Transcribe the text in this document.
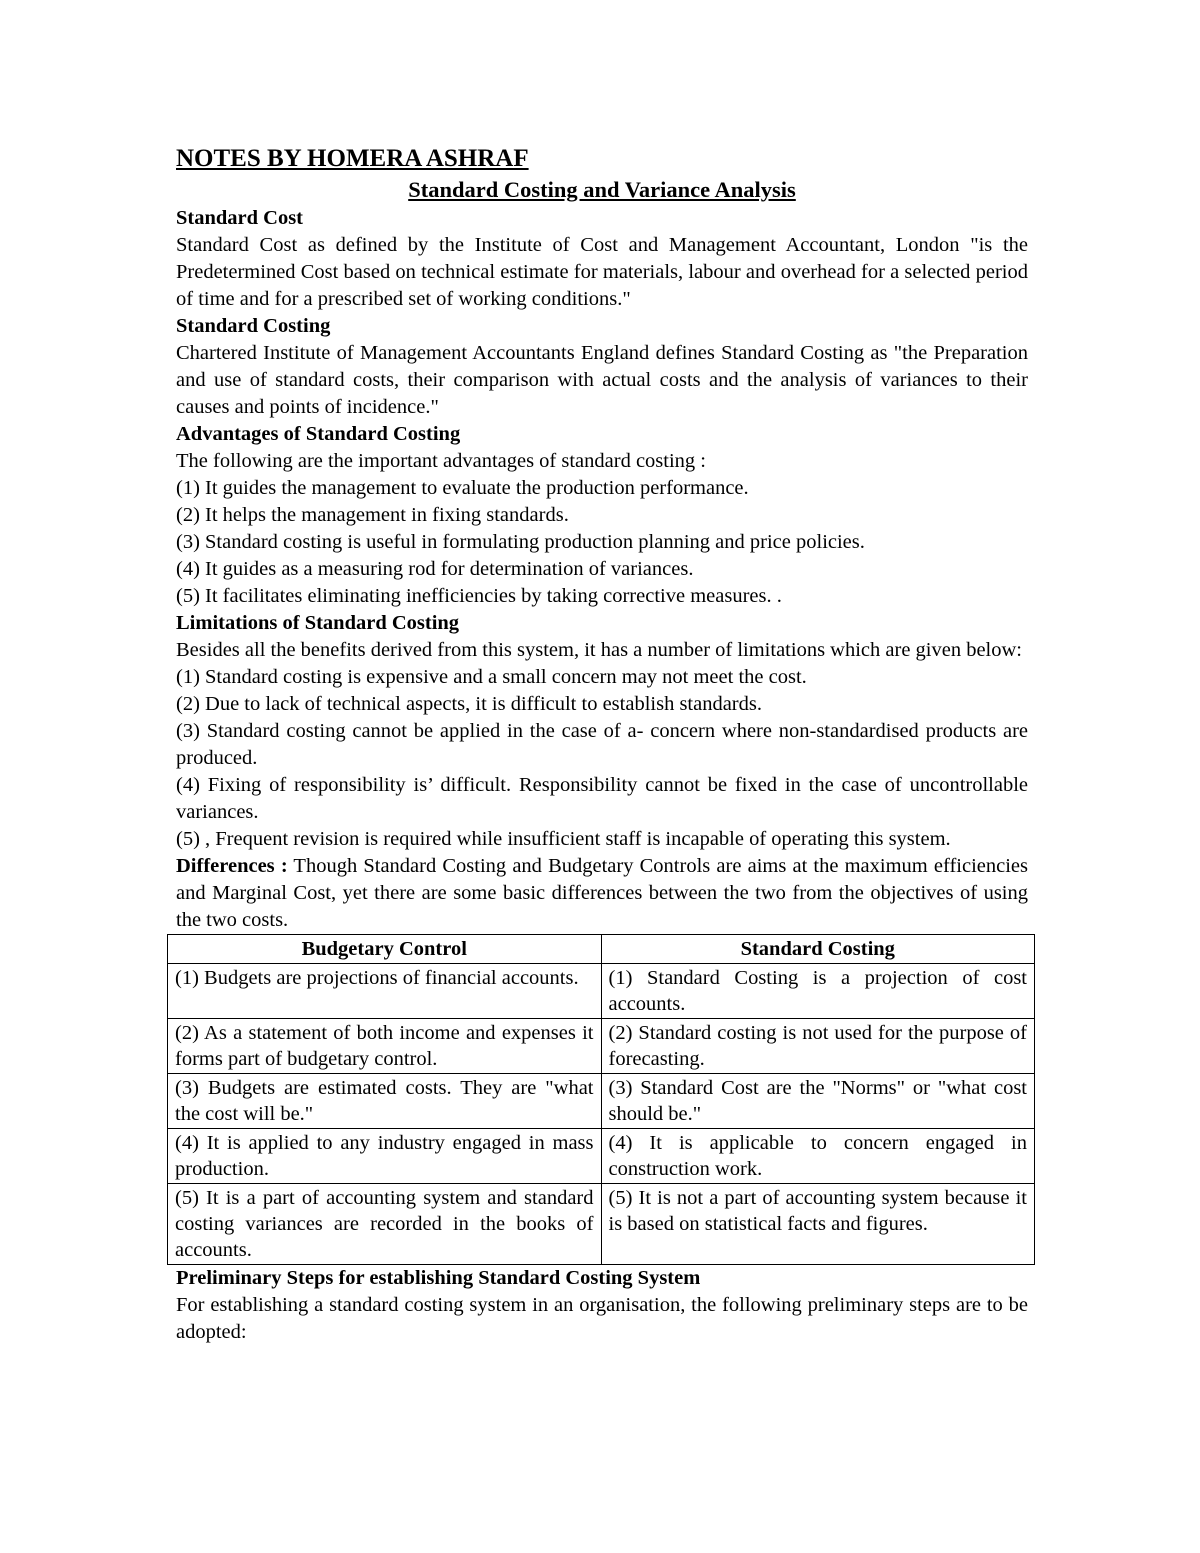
NOTES BY HOMERA ASHRAF
Standard Costing and Variance Analysis
Standard Cost

Standard Cost as defined by the Institute of Cost and Management Accountant, London "is the Predetermined Cost based on technical estimate for materials, labour and overhead for a selected period of time and for a prescribed set of working conditions."

Standard Costing

Chartered Institute of Management Accountants England defines Standard Costing as "the Preparation and use of standard costs, their comparison with actual costs and the analysis of variances to their causes and points of incidence."

Advantages of Standard Costing

The following are the important advantages of standard costing :

(1) It guides the management to evaluate the production performance.
(2) It helps the management in fixing standards.
(3) Standard costing is useful in formulating production planning and price policies.
(4) It guides as a measuring rod for determination of variances.
(5) It facilitates eliminating inefficiencies by taking corrective measures. .
Limitations of Standard Costing

Besides all the benefits derived from this system, it has a number of limitations which are given below:

(1) Standard costing is expensive and a small concern may not meet the cost.
(2) Due to lack of technical aspects, it is difficult to establish standards.
(3) Standard costing cannot be applied in the case of a- concern where non-standardised products are produced.
(4) Fixing of responsibility is’ difficult. Responsibility cannot be fixed in the case of uncontrollable variances.
(5) , Frequent revision is required while insufficient staff is incapable of operating this system.

Differences : Though Standard Costing and Budgetary Controls are aims at the maximum efficiencies and Marginal Cost, yet there are some basic differences between the two from the objectives of using the two costs.

Budgetary Control	Standard Costing
(1) Budgets are projections of financial accounts.	(1) Standard Costing is a projection of cost accounts.
(2) As a statement of both income and expenses it forms part of budgetary control.	(2) Standard costing is not used for the purpose of forecasting.
(3) Budgets are estimated costs. They are "what the cost will be."	(3) Standard Cost are the "Norms" or "what cost should be."
(4) It is applied to any industry engaged in mass production.	(4) It is applicable to concern engaged in construction work.
(5) It is a part of accounting system and standard costing variances are recorded in the books of accounts.	(5) It is not a part of accounting system because it is based on statistical facts and figures.
Preliminary Steps for establishing Standard Costing System

For establishing a standard costing system in an organisation, the following preliminary steps are to be adopted:
